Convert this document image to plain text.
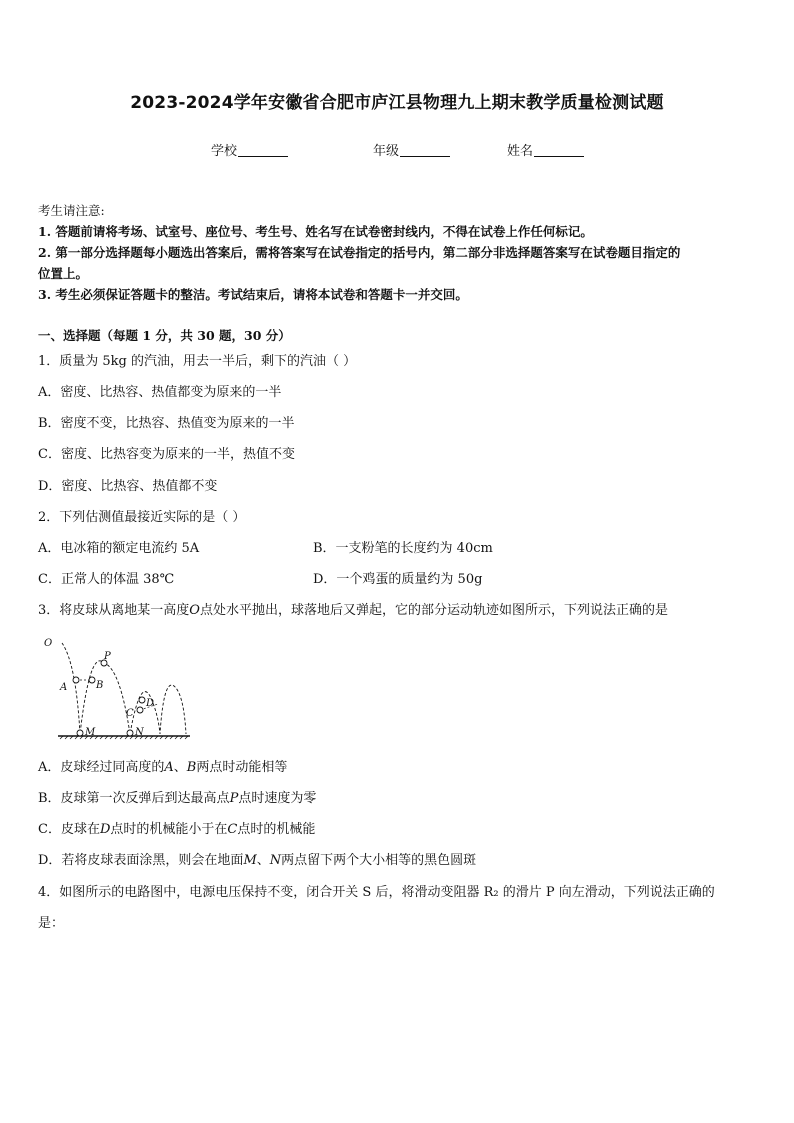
2023-2024学年安徽省合肥市庐江县物理九上期末教学质量检测试题
学校	年级	姓名
考生请注意:
1. 答题前请将考场、试室号、座位号、考生号、姓名写在试卷密封线内，不得在试卷上作任何标记。
2. 第一部分选择题每小题选出答案后，需将答案写在试卷指定的括号内，第二部分非选择题答案写在试卷题目指定的
位置上。
3. 考生必须保证答题卡的整洁。考试结束后，请将本试卷和答题卡一并交回。
一、选择题（每题 1 分，共 30 题，30 分）
1．质量为 5kg 的汽油，用去一半后，剩下的汽油（ ）
A．密度、比热容、热值都变为原来的一半
B．密度不变，比热容、热值变为原来的一半
C．密度、比热容变为原来的一半，热值不变
D．密度、比热容、热值都不变
2．下列估测值最接近实际的是（ ）
A．电冰箱的额定电流约 5A	B．一支粉笔的长度约为 40cm
C．正常人的体温 38℃	D．一个鸡蛋的质量约为 50g
3．将皮球从离地某一高度O点处水平抛出，球落地后又弹起，它的部分运动轨迹如图所示，下列说法正确的是
O
P
A	B
C
D
M	N
A．皮球经过同高度的A、B两点时动能相等
B．皮球第一次反弹后到达最高点P点时速度为零
C．皮球在D点时的机械能小于在C点时的机械能
D．若将皮球表面涂黑，则会在地面M、N两点留下两个大小相等的黑色圆斑
4．如图所示的电路图中，电源电压保持不变，闭合开关 S 后，将滑动变阻器 R₂ 的滑片 P 向左滑动，下列说法正确的
是：
